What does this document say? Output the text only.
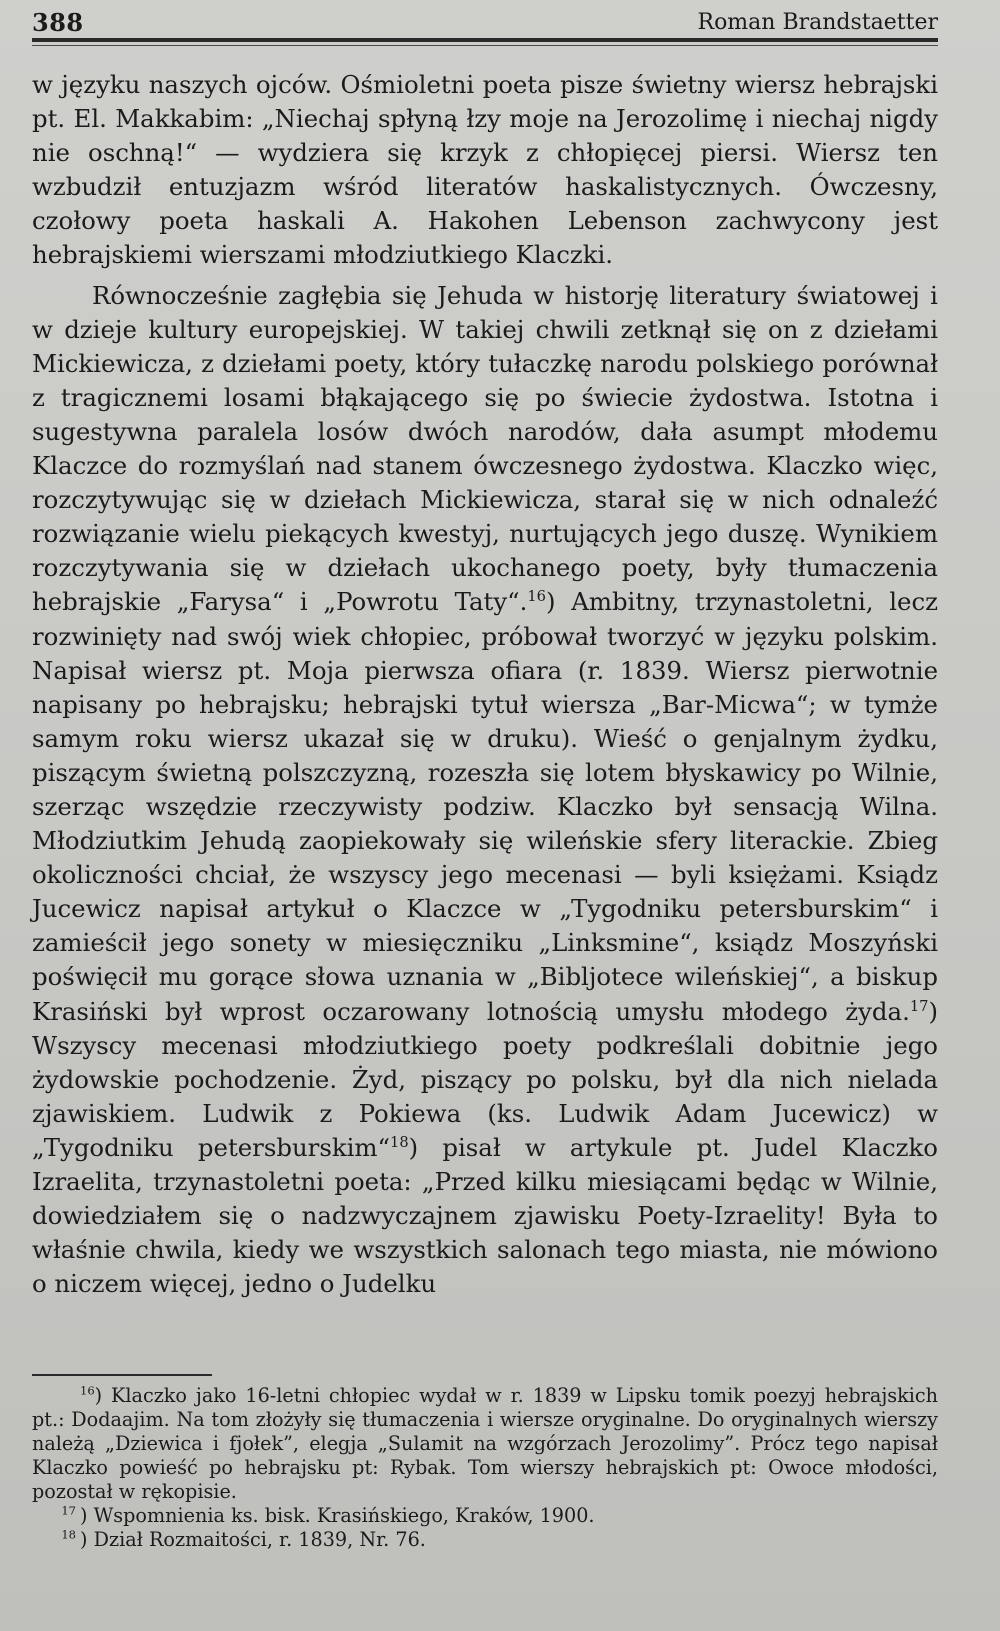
388	Roman Brandstaetter

w języku naszych ojców. Ośmioletni poeta pisze świetny wiersz hebrajski pt. El. Makkabim: „Niechaj spłyną łzy moje na Jerozolimę i niechaj nigdy nie oschną!“ — wydziera się krzyk z chłopięcej piersi. Wiersz ten wzbudził entuzjazm wśród literatów haskalistycznych. Ówczesny, czołowy poeta haskali A. Hakohen Lebenson zachwycony jest hebrajskiemi wierszami młodziutkiego Klaczki.

Równocześnie zagłębia się Jehuda w historję literatury światowej i w dzieje kultury europejskiej. W takiej chwili zetknął się on z dziełami Mickiewicza, z dziełami poety, który tułaczkę narodu polskiego porównał z tragicznemi losami błąkającego się po świecie żydostwa. Istotna i sugestywna paralela losów dwóch narodów, dała asumpt młodemu Klaczce do rozmyślań nad stanem ówczesnego żydostwa. Klaczko więc, rozczytywując się w dziełach Mickiewicza, starał się w nich odnaleźć rozwiązanie wielu piekących kwestyj, nurtujących jego duszę. Wynikiem rozczytywania się w dziełach ukochanego poety, były tłumaczenia hebrajskie „Farysa“ i „Powrotu Taty“.$^{16}$) Ambitny, trzynastoletni, lecz rozwinięty nad swój wiek chłopiec, próbował tworzyć w języku polskim. Napisał wiersz pt. Moja pierwsza ofiara (r. 1839. Wiersz pierwotnie napisany po hebrajsku; hebrajski tytuł wiersza „Bar-Micwa“; w tymże samym roku wiersz ukazał się w druku). Wieść o genjalnym żydku, piszącym świetną polszczyzną, rozeszła się lotem błyskawicy po Wilnie, szerząc wszędzie rzeczywisty podziw. Klaczko był sensacją Wilna. Młodziutkim Jehudą zaopiekowały się wileńskie sfery literackie. Zbieg okoliczności chciał, że wszyscy jego mecenasi — byli księżami. Ksiądz Jucewicz napisał artykuł o Klaczce w „Tygodniku petersburskim“ i zamieścił jego sonety w miesięczniku „Linksmine“, ksiądz Moszyński poświęcił mu gorące słowa uznania w „Bibljotece wileńskiej“, a biskup Krasiński był wprost oczarowany lotnością umysłu młodego żyda.$^{17}$) Wszyscy mecenasi młodziutkiego poety podkreślali dobitnie jego żydowskie pochodzenie. Żyd, piszący po polsku, był dla nich nielada zjawiskiem. Ludwik z Pokiewa (ks. Ludwik Adam Jucewicz) w „Tygodniku petersburskim“$^{18}$) pisał w artykule pt. Judel Klaczko Izraelita, trzynastoletni poeta: „Przed kilku miesiącami będąc w Wilnie, dowiedziałem się o nadzwyczajnem zjawisku Poety-Izraelity! Była to właśnie chwila, kiedy we wszystkich salonach tego miasta, nie mówiono o niczem więcej, jedno o Judelku

$^{16}$) Klaczko jako 16-letni chłopiec wydał w r. 1839 w Lipsku tomik poezyj hebrajskich pt.: Dodaajim. Na tom złożyły się tłumaczenia i wiersze oryginalne. Do oryginalnych wierszy należą „Dziewica i fjołek”, elegja „Sulamit na wzgórzach Jerozolimy”. Prócz tego napisał Klaczko powieść po hebrajsku pt: Rybak. Tom wierszy hebrajskich pt: Owoce młodości, pozostał w rękopisie.

$^{17}$ ) Wspomnienia ks. bisk. Krasińskiego, Kraków, 1900.

$^{18}$ ) Dział Rozmaitości, r. 1839, Nr. 76.
